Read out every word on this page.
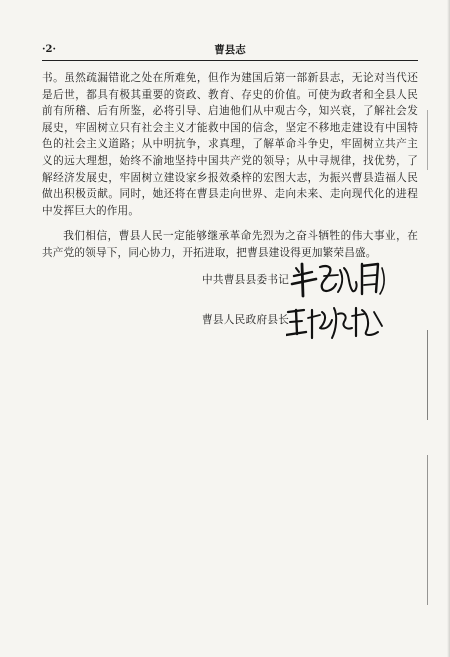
·2·	曹县志

书。虽然疏漏错讹之处在所难免，但作为建国后第一部新县志，无论对当代还是后世，都具有极其重要的资政、教育、存史的价值。可使为政者和全县人民前有所稽、后有所鉴，必将引导、启迪他们从中观古今，知兴衰，了解社会发展史，牢固树立只有社会主义才能救中国的信念，坚定不移地走建设有中国特色的社会主义道路；从中明抗争，求真理，了解革命斗争史，牢固树立共产主义的远大理想，始终不渝地坚持中国共产党的领导；从中寻规律，找优势，了解经济发展史，牢固树立建设家乡报效桑梓的宏图大志，为振兴曹县造福人民做出积极贡献。同时，她还将在曹县走向世界、走向未来、走向现代化的进程中发挥巨大的作用。

我们相信，曹县人民一定能够继承革命先烈为之奋斗牺牲的伟大事业，在共产党的领导下，同心协力，开拓进取，把曹县建设得更加繁荣昌盛。

中共曹县县委书记
曹县人民政府县长
